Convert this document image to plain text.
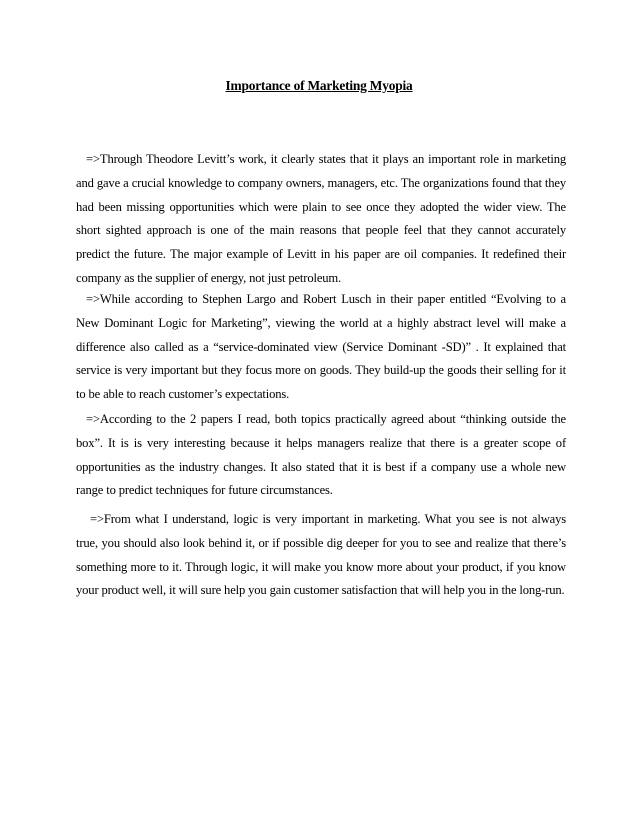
Importance of Marketing Myopia

=>Through Theodore Levitt’s work, it clearly states that it plays an important role in marketing and gave a crucial knowledge to company owners, managers, etc. The organizations found that they had been missing opportunities which were plain to see once they adopted the wider view. The short sighted approach is one of the main reasons that people feel that they cannot accurately predict the future. The major example of Levitt in his paper are oil companies. It redefined their company as the supplier of energy, not just petroleum.

=>While according to Stephen Largo and Robert Lusch in their paper entitled “Evolving to a New Dominant Logic for Marketing”, viewing the world at a highly abstract level will make a difference also called as a “service-dominated view (Service Dominant -SD)” . It explained that service is very important but they focus more on goods. They build-up the goods their selling for it to be able to reach customer’s expectations.

=>According to the 2 papers I read, both topics practically agreed about “thinking outside the box”. It is is very interesting because it helps managers realize that there is a greater scope of opportunities as the industry changes. It also stated that it is best if a company use a whole new range to predict techniques for future circumstances.

=>From what I understand, logic is very important in marketing. What you see is not always true, you should also look behind it, or if possible dig deeper for you to see and realize that there’s something more to it. Through logic, it will make you know more about your product, if you know your product well, it will sure help you gain customer satisfaction that will help you in the long-run.
